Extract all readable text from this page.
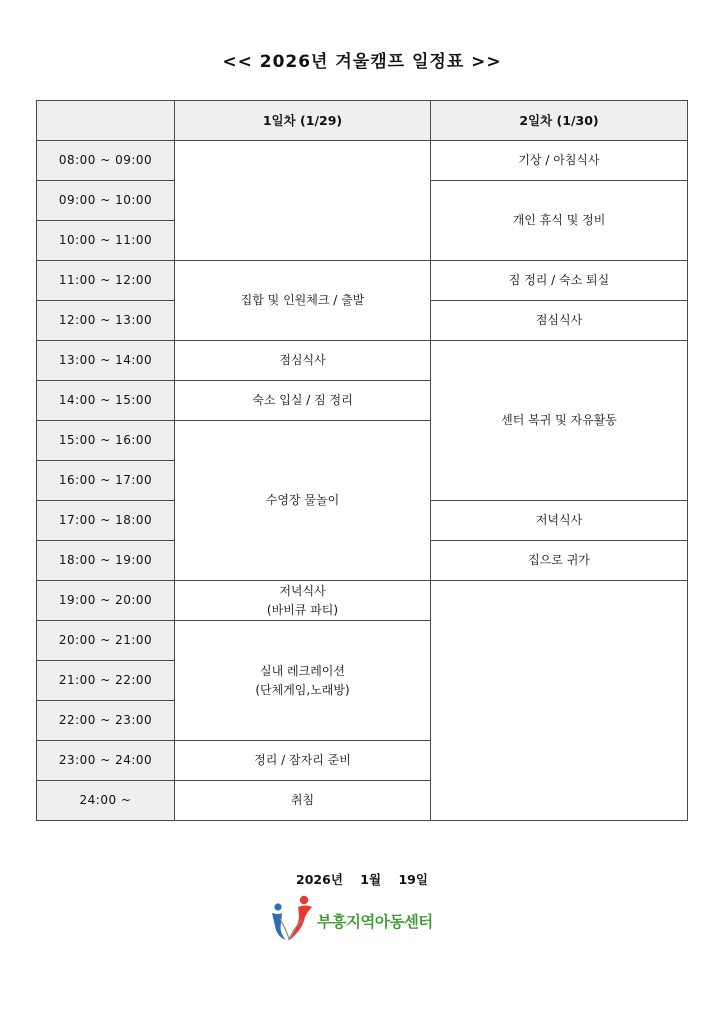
<< 2026년 겨울캠프 일정표 >>
	1일차 (1/29)	2일차 (1/30)
08:00 ~ 09:00		기상 / 아침식사
09:00 ~ 10:00		개인 휴식 및 정비
10:00 ~ 11:00		
11:00 ~ 12:00	집합 및 인원체크 / 출발	짐 정리 / 숙소 퇴실
12:00 ~ 13:00		점심식사
13:00 ~ 14:00	점심식사	센터 복귀 및 자유활동
14:00 ~ 15:00	숙소 입실 / 짐 정리	
15:00 ~ 16:00	수영장 물놀이	
16:00 ~ 17:00		
17:00 ~ 18:00		저녁식사
18:00 ~ 19:00		집으로 귀가
19:00 ~ 20:00	저녁식사
(바비큐 파티)	

20:00 ~ 21:00	실내 레크레이션
(단체게임,노래방)	

21:00 ~ 22:00		
22:00 ~ 23:00		
23:00 ~ 24:00	정리 / 잠자리 준비	
24:00 ~	취침	
2026년    1월    19일
부흥지역아동센터
